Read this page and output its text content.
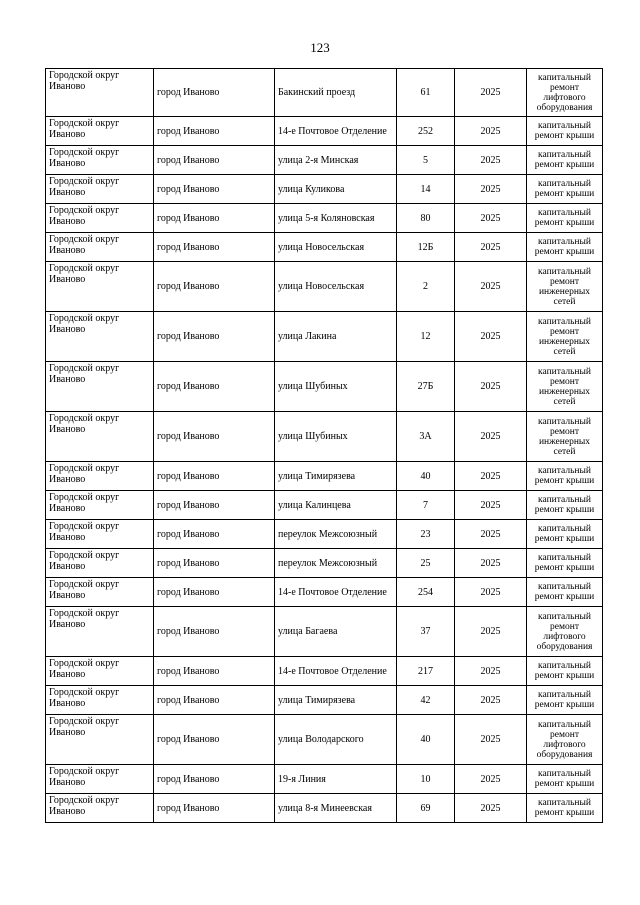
123
Городской округ Иваново	город Иваново	Бакинский проезд	61	2025	капитальный ремонт лифтового оборудования
Городской округ Иваново	город Иваново	14-е Почтовое Отделение	252	2025	капитальный ремонт крыши
Городской округ Иваново	город Иваново	улица 2-я Минская	5	2025	капитальный ремонт крыши
Городской округ Иваново	город Иваново	улица Куликова	14	2025	капитальный ремонт крыши
Городской округ Иваново	город Иваново	улица 5-я Коляновская	80	2025	капитальный ремонт крыши
Городской округ Иваново	город Иваново	улица Новосельская	12Б	2025	капитальный ремонт крыши
Городской округ Иваново	город Иваново	улица Новосельская	2	2025	капитальный ремонт инженерных сетей
Городской округ Иваново	город Иваново	улица Лакина	12	2025	капитальный ремонт инженерных сетей
Городской округ Иваново	город Иваново	улица Шубиных	27Б	2025	капитальный ремонт инженерных сетей
Городской округ Иваново	город Иваново	улица Шубиных	3А	2025	капитальный ремонт инженерных сетей
Городской округ Иваново	город Иваново	улица Тимирязева	40	2025	капитальный ремонт крыши
Городской округ Иваново	город Иваново	улица Калинцева	7	2025	капитальный ремонт крыши
Городской округ Иваново	город Иваново	переулок Межсоюзный	23	2025	капитальный ремонт крыши
Городской округ Иваново	город Иваново	переулок Межсоюзный	25	2025	капитальный ремонт крыши
Городской округ Иваново	город Иваново	14-е Почтовое Отделение	254	2025	капитальный ремонт крыши
Городской округ Иваново	город Иваново	улица Багаева	37	2025	капитальный ремонт лифтового оборудования
Городской округ Иваново	город Иваново	14-е Почтовое Отделение	217	2025	капитальный ремонт крыши
Городской округ Иваново	город Иваново	улица Тимирязева	42	2025	капитальный ремонт крыши
Городской округ Иваново	город Иваново	улица Володарского	40	2025	капитальный ремонт лифтового оборудования
Городской округ Иваново	город Иваново	19-я Линия	10	2025	капитальный ремонт крыши
Городской округ Иваново	город Иваново	улица 8-я Минеевская	69	2025	капитальный ремонт крыши
